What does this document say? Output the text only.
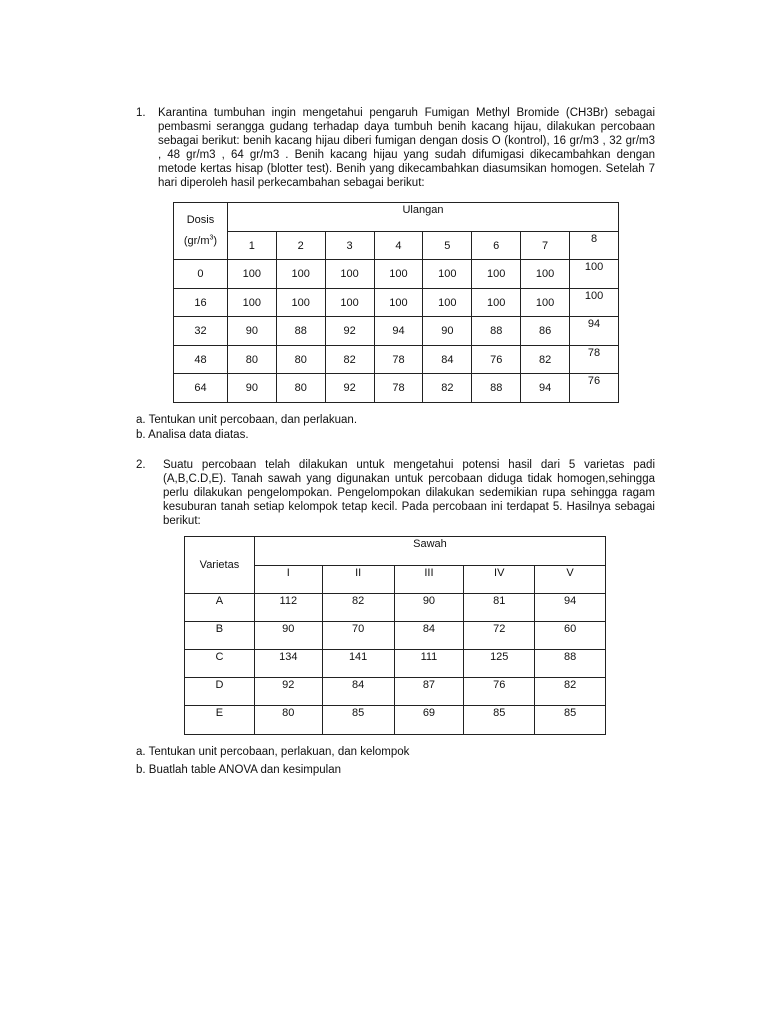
1. Karantina tumbuhan ingin mengetahui pengaruh Fumigan Methyl Bromide (CH3Br) sebagai pembasmi serangga gudang terhadap daya tumbuh benih kacang hijau, dilakukan percobaan sebagai berikut: benih kacang hijau diberi fumigan dengan dosis O (kontrol), 16 gr/m3 , 32 gr/m3 , 48 gr/m3 , 64 gr/m3 . Benih kacang hijau yang sudah difumigasi dikecambahkan dengan metode kertas hisap (blotter test). Benih yang dikecambahkan diasumsikan homogen. Setelah 7 hari diperoleh hasil perkecambahan sebagai berikut:
Dosis
$(gr/m^3)$	Ulangan							
	1	2	3	4	5	6	7	8
0	100	100	100	100	100	100	100	100
16	100	100	100	100	100	100	100	100
32	90	88	92	94	90	88	86	94
48	80	80	82	78	84	76	82	78
64	90	80	92	78	82	88	94	76
a. Tentukan unit percobaan, dan perlakuan.
b. Analisa data diatas.
2. Suatu percobaan telah dilakukan untuk mengetahui potensi hasil dari 5 varietas padi (A,B,C.D,E). Tanah sawah yang digunakan untuk percobaan diduga tidak homogen,sehingga perlu dilakukan pengelompokan. Pengelompokan dilakukan sedemikian rupa sehingga ragam kesuburan tanah setiap kelompok tetap kecil. Pada percobaan ini terdapat 5. Hasilnya sebagai berikut:
Varietas	Sawah				
	I	II	III	IV	V
A	112	82	90	81	94
B	90	70	84	72	60
C	134	141	111	125	88
D	92	84	87	76	82
E	80	85	69	85	85
a. Tentukan unit percobaan, perlakuan, dan kelompok
b. Buatlah table ANOVA dan kesimpulan
